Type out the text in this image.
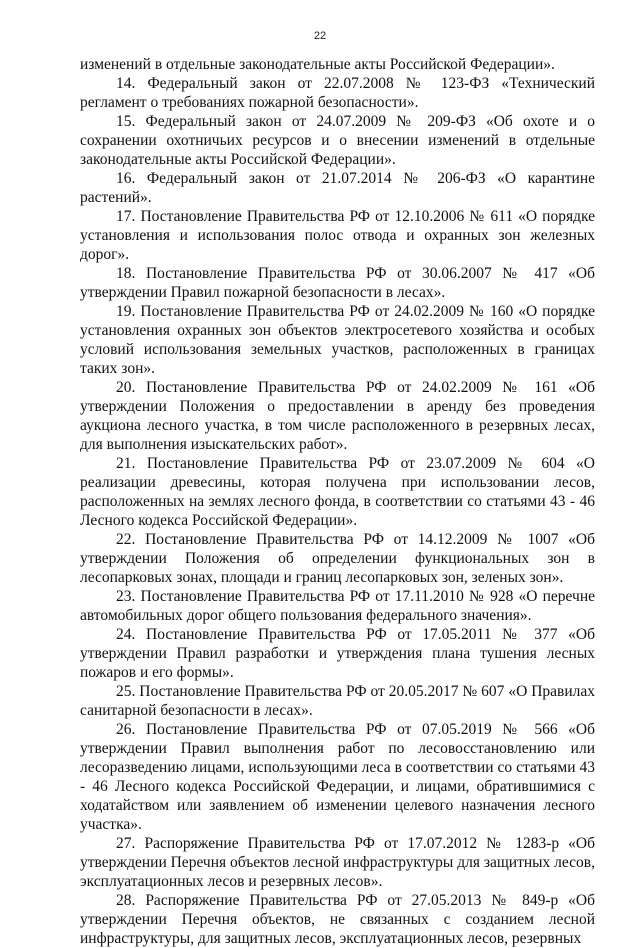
22

изменений в отдельные законодательные акты Российской Федерации».

14. Федеральный закон от 22.07.2008 № 123-ФЗ «Технический регламент о требованиях пожарной безопасности».

15. Федеральный закон от 24.07.2009 № 209-ФЗ «Об охоте и о сохранении охотничьих ресурсов и о внесении изменений в отдельные законодательные акты Российской Федерации».

16. Федеральный закон от 21.07.2014 № 206-ФЗ «О карантине растений».

17. Постановление Правительства РФ от 12.10.2006 № 611 «О порядке установления и использования полос отвода и охранных зон железных дорог».

18. Постановление Правительства РФ от 30.06.2007 № 417 «Об утверждении Правил пожарной безопасности в лесах».

19. Постановление Правительства РФ от 24.02.2009 № 160 «О порядке установления охранных зон объектов электросетевого хозяйства и особых условий использования земельных участков, расположенных в границах таких зон».

20. Постановление Правительства РФ от 24.02.2009 № 161 «Об утверждении Положения о предоставлении в аренду без проведения аукциона лесного участка, в том числе расположенного в резервных лесах, для выполнения изыскательских работ».

21. Постановление Правительства РФ от 23.07.2009 № 604 «О реализации древесины, которая получена при использовании лесов, расположенных на землях лесного фонда, в соответствии со статьями 43 - 46 Лесного кодекса Российской Федерации».

22. Постановление Правительства РФ от 14.12.2009 № 1007 «Об утверждении Положения об определении функциональных зон в лесопарковых зонах, площади и границ лесопарковых зон, зеленых зон».

23. Постановление Правительства РФ от 17.11.2010 № 928 «О перечне автомобильных дорог общего пользования федерального значения».

24. Постановление Правительства РФ от 17.05.2011 № 377 «Об утверждении Правил разработки и утверждения плана тушения лесных пожаров и его формы».

25. Постановление Правительства РФ от 20.05.2017 № 607 «О Правилах санитарной безопасности в лесах».

26. Постановление Правительства РФ от 07.05.2019 № 566 «Об утверждении Правил выполнения работ по лесовосстановлению или лесоразведению лицами, использующими леса в соответствии со статьями 43 - 46 Лесного кодекса Российской Федерации, и лицами, обратившимися с ходатайством или заявлением об изменении целевого назначения лесного участка».

27. Распоряжение Правительства РФ от 17.07.2012 № 1283-р «Об утверждении Перечня объектов лесной инфраструктуры для защитных лесов, эксплуатационных лесов и резервных лесов».

28. Распоряжение Правительства РФ от 27.05.2013 № 849-р «Об утверждении Перечня объектов, не связанных с созданием лесной инфраструктуры, для защитных лесов, эксплуатационных лесов, резервных
